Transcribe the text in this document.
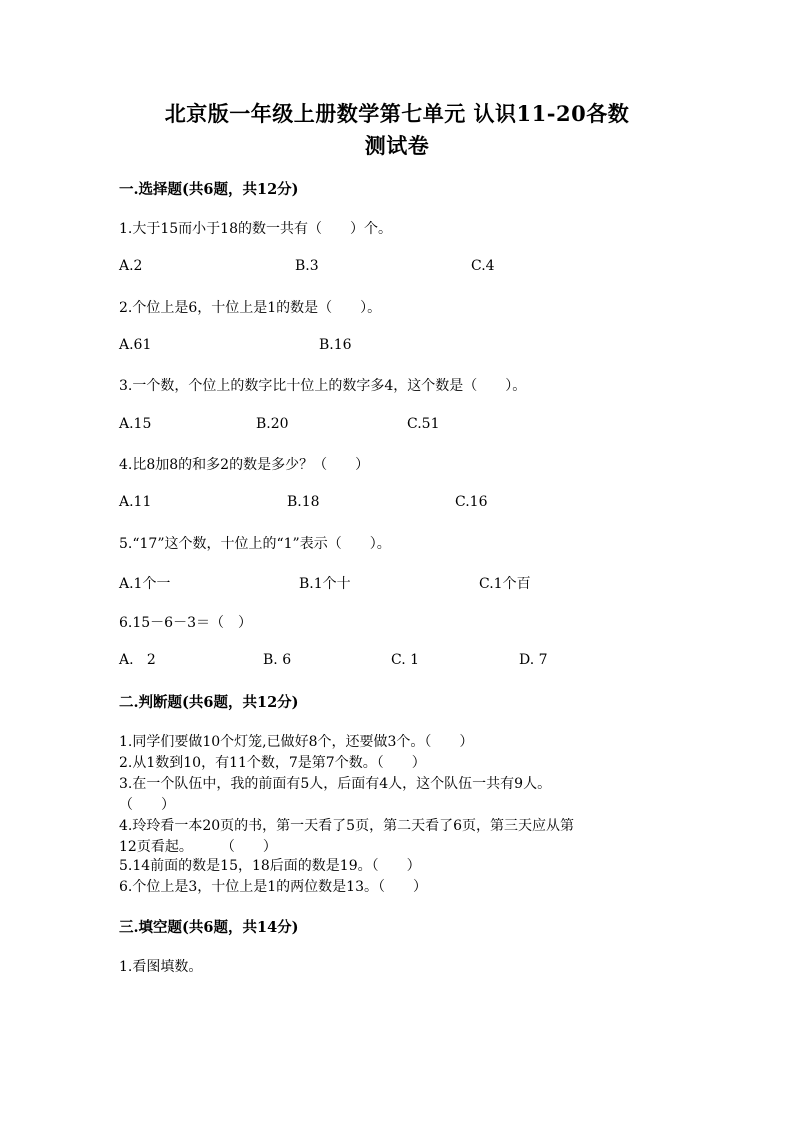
北京版一年级上册数学第七单元 认识11-20各数
测试卷
一.选择题(共6题，共12分)
1.大于15而小于18的数一共有（　　）个。
A.2	B.3	C.4
2.个位上是6，十位上是1的数是（　　）。
A.61	B.16
3.一个数，个位上的数字比十位上的数字多4，这个数是（　　）。
A.15	B.20	C.51
4.比8加8的和多2的数是多少？（　　）
A.11	B.18	C.16
5.“17”这个数，十位上的“1”表示（　　）。
A.1个一	B.1个十	C.1个百
6.15－6－3＝（　）
A.   2	B. 6	C. 1	D. 7
二.判断题(共6题，共12分)
1.同学们要做10个灯笼,已做好8个，还要做3个。（　　）
2.从1数到10，有11个数，7是第7个数。（　　）
3.在一个队伍中，我的前面有5人，后面有4人，这个队伍一共有9人。
（　　）
4.玲玲看一本20页的书，第一天看了5页，第二天看了6页，第三天应从第
12页看起。　　　（　　）
5.14前面的数是15，18后面的数是19。（　　）
6.个位上是3，十位上是1的两位数是13。（　　）
三.填空题(共6题，共14分)
1.看图填数。
